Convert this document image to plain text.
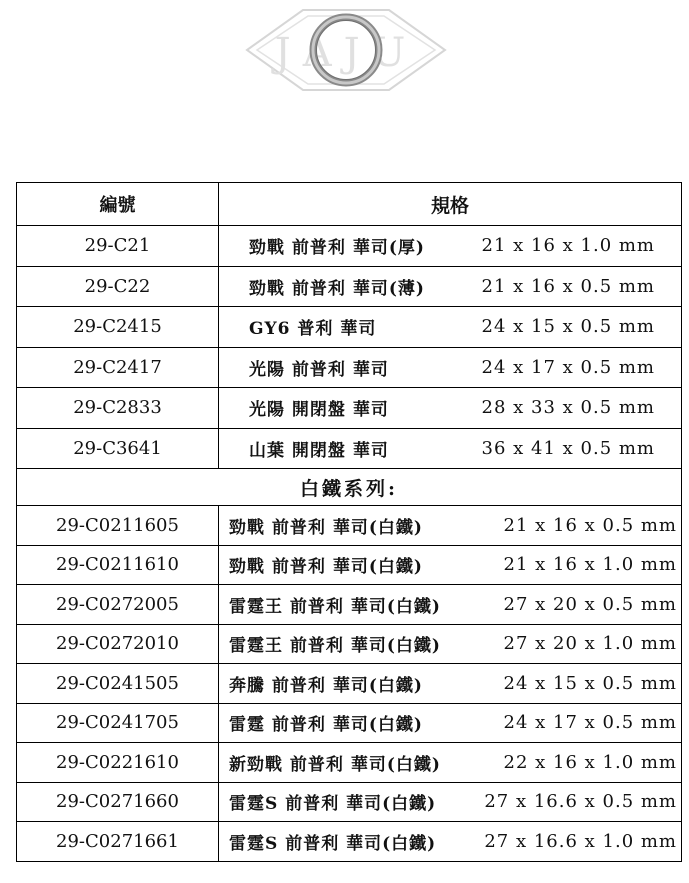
JAJU
編號	規格
29-C21	勁戰 前普利 華司(厚) 21 x 16 x 1.0 mm

29-C22	勁戰 前普利 華司(薄) 21 x 16 x 0.5 mm

29-C2415	GY6 普利 華司 24 x 15 x 0.5 mm

29-C2417	光陽 前普利 華司 24 x 17 x 0.5 mm

29-C2833	光陽 開閉盤 華司 28 x 33 x 0.5 mm

29-C3641	山葉 開閉盤 華司 36 x 41 x 0.5 mm

白鐵系列:	
29-C0211605	勁戰 前普利 華司(白鐵) 21 x 16 x 0.5 mm

29-C0211610	勁戰 前普利 華司(白鐵) 21 x 16 x 1.0 mm

29-C0272005	雷霆王 前普利 華司(白鐵) 27 x 20 x 0.5 mm

29-C0272010	雷霆王 前普利 華司(白鐵) 27 x 20 x 1.0 mm

29-C0241505	奔騰 前普利 華司(白鐵) 24 x 15 x 0.5 mm

29-C0241705	雷霆 前普利 華司(白鐵) 24 x 17 x 0.5 mm

29-C0221610	新勁戰 前普利 華司(白鐵) 22 x 16 x 1.0 mm

29-C0271660	雷霆S 前普利 華司(白鐵) 27 x 16.6 x 0.5 mm

29-C0271661	雷霆S 前普利 華司(白鐵) 27 x 16.6 x 1.0 mm
